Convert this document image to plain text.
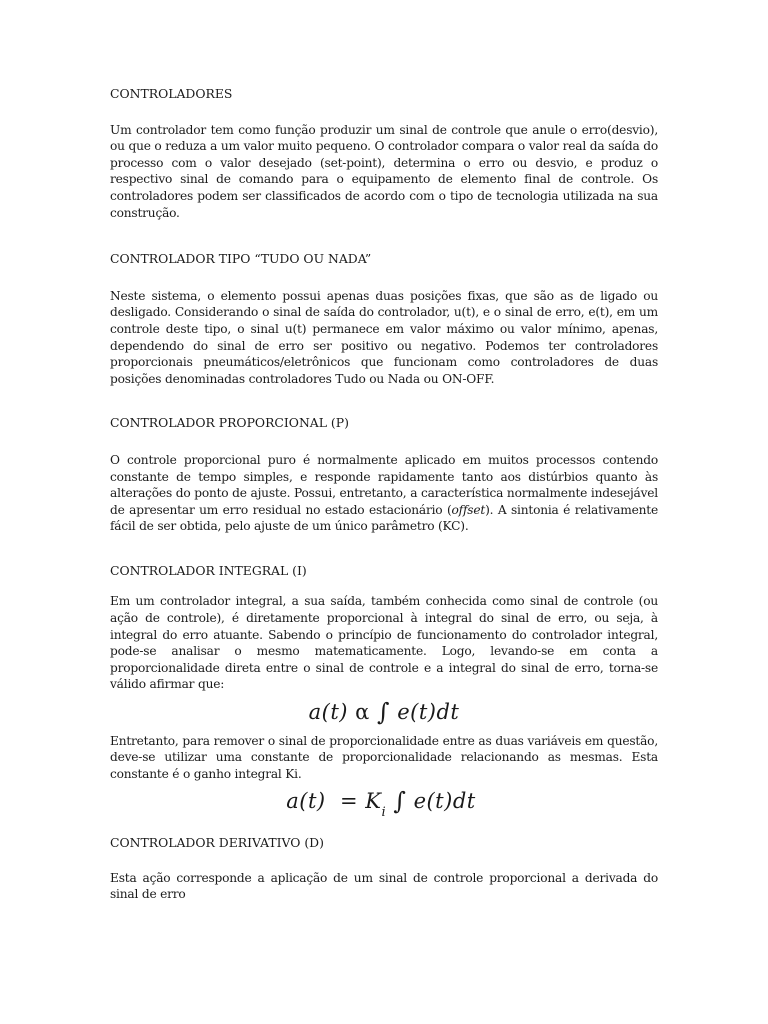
CONTROLADORES

Um controlador tem como função produzir um sinal de controle que anule o erro(desvio), ou que o reduza a um valor muito pequeno. O controlador compara o valor real da saída do processo com o valor desejado (set-point), determina o erro ou desvio, e produz o respectivo sinal de comando para o equipamento de elemento final de controle. Os controladores podem ser classificados de acordo com o tipo de tecnologia utilizada na sua construção.

CONTROLADOR TIPO “TUDO OU NADA”

Neste sistema, o elemento possui apenas duas posições fixas, que são as de ligado ou desligado. Considerando o sinal de saída do controlador, u(t), e o sinal de erro, e(t), em um controle deste tipo, o sinal u(t) permanece em valor máximo ou valor mínimo, apenas, dependendo do sinal de erro ser positivo ou negativo. Podemos ter controladores proporcionais pneumáticos/eletrônicos que funcionam como controladores de duas posições denominadas controladores Tudo ou Nada ou ON-OFF.

CONTROLADOR PROPORCIONAL (P)

O controle proporcional puro é normalmente aplicado em muitos processos contendo constante de tempo simples, e responde rapidamente tanto aos distúrbios quanto às alterações do ponto de ajuste. Possui, entretanto, a característica normalmente indesejável de apresentar um erro residual no estado estacionário (offset). A sintonia é relativamente fácil de ser obtida, pelo ajuste de um único parâmetro (KC).

CONTROLADOR INTEGRAL (I)

Em um controlador integral, a sua saída, também conhecida como sinal de controle (ou ação de controle), é diretamente proporcional à integral do sinal de erro, ou seja, à integral do erro atuante. Sabendo o princípio de funcionamento do controlador integral, pode-se analisar o mesmo matematicamente. Logo, levando-se em conta a proporcionalidade direta entre o sinal de controle e a integral do sinal de erro, torna-se válido afirmar que:

a(t) α ∫ e(t)dt

Entretanto, para remover o sinal de proporcionalidade entre as duas variáveis em questão, deve-se utilizar uma constante de proporcionalidade relacionando as mesmas. Esta constante é o ganho integral Ki.

$a(t) = K_i$ ∫ e(t)dt
CONTROLADOR DERIVATIVO (D)

Esta ação corresponde a aplicação de um sinal de controle proporcional a derivada do sinal de erro
